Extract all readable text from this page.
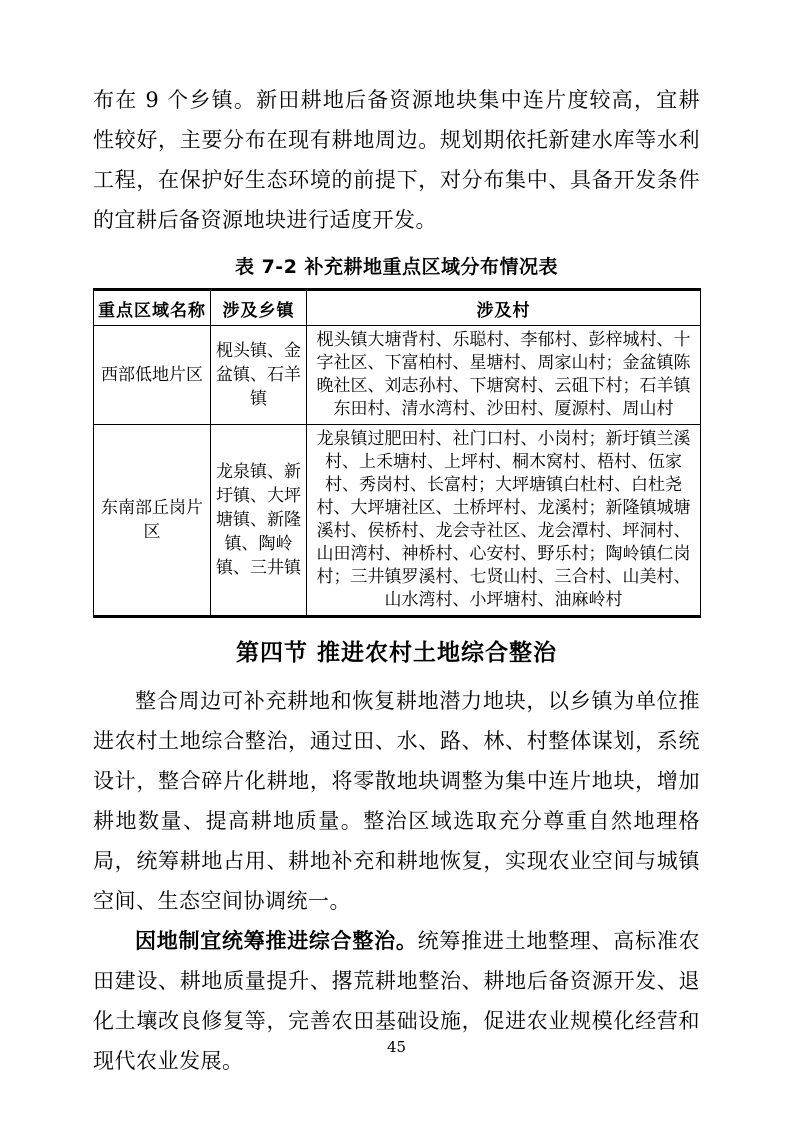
布在 9 个乡镇。新田耕地后备资源地块集中连片度较高，宜耕性较好，主要分布在现有耕地周边。规划期依托新建水库等水利工程，在保护好生态环境的前提下，对分布集中、具备开发条件的宜耕后备资源地块进行适度开发。

表 7-2 补充耕地重点区域分布情况表
重点区域名称	涉及乡镇	涉及村
西部低地片区	枧头镇、金盆镇、石羊镇	枧头镇大塘背村、乐聪村、李郁村、彭梓城村、十字社区、下富柏村、星塘村、周家山村；金盆镇陈晚社区、刘志孙村、下塘窝村、云砠下村；石羊镇东田村、清水湾村、沙田村、厦源村、周山村
东南部丘岗片区	龙泉镇、新圩镇、大坪塘镇、新隆镇、陶岭镇、三井镇	龙泉镇过肥田村、社门口村、小岗村；新圩镇兰溪村、上禾塘村、上坪村、桐木窝村、梧村、伍家村、秀岗村、长富村；大坪塘镇白杜村、白杜尧村、大坪塘社区、土桥坪村、龙溪村；新隆镇城塘溪村、侯桥村、龙会寺社区、龙会潭村、坪洞村、山田湾村、神桥村、心安村、野乐村；陶岭镇仁岗村；三井镇罗溪村、七贤山村、三合村、山美村、山水湾村、小坪塘村、油麻岭村
第四节 推进农村土地综合整治

整合周边可补充耕地和恢复耕地潜力地块，以乡镇为单位推进农村土地综合整治，通过田、水、路、林、村整体谋划，系统设计，整合碎片化耕地，将零散地块调整为集中连片地块，增加耕地数量、提高耕地质量。整治区域选取充分尊重自然地理格局，统筹耕地占用、耕地补充和耕地恢复，实现农业空间与城镇空间、生态空间协调统一。

因地制宜统筹推进综合整治。统筹推进土地整理、高标准农田建设、耕地质量提升、撂荒耕地整治、耕地后备资源开发、退化土壤改良修复等，完善农田基础设施，促进农业规模化经营和现代农业发展。

45
